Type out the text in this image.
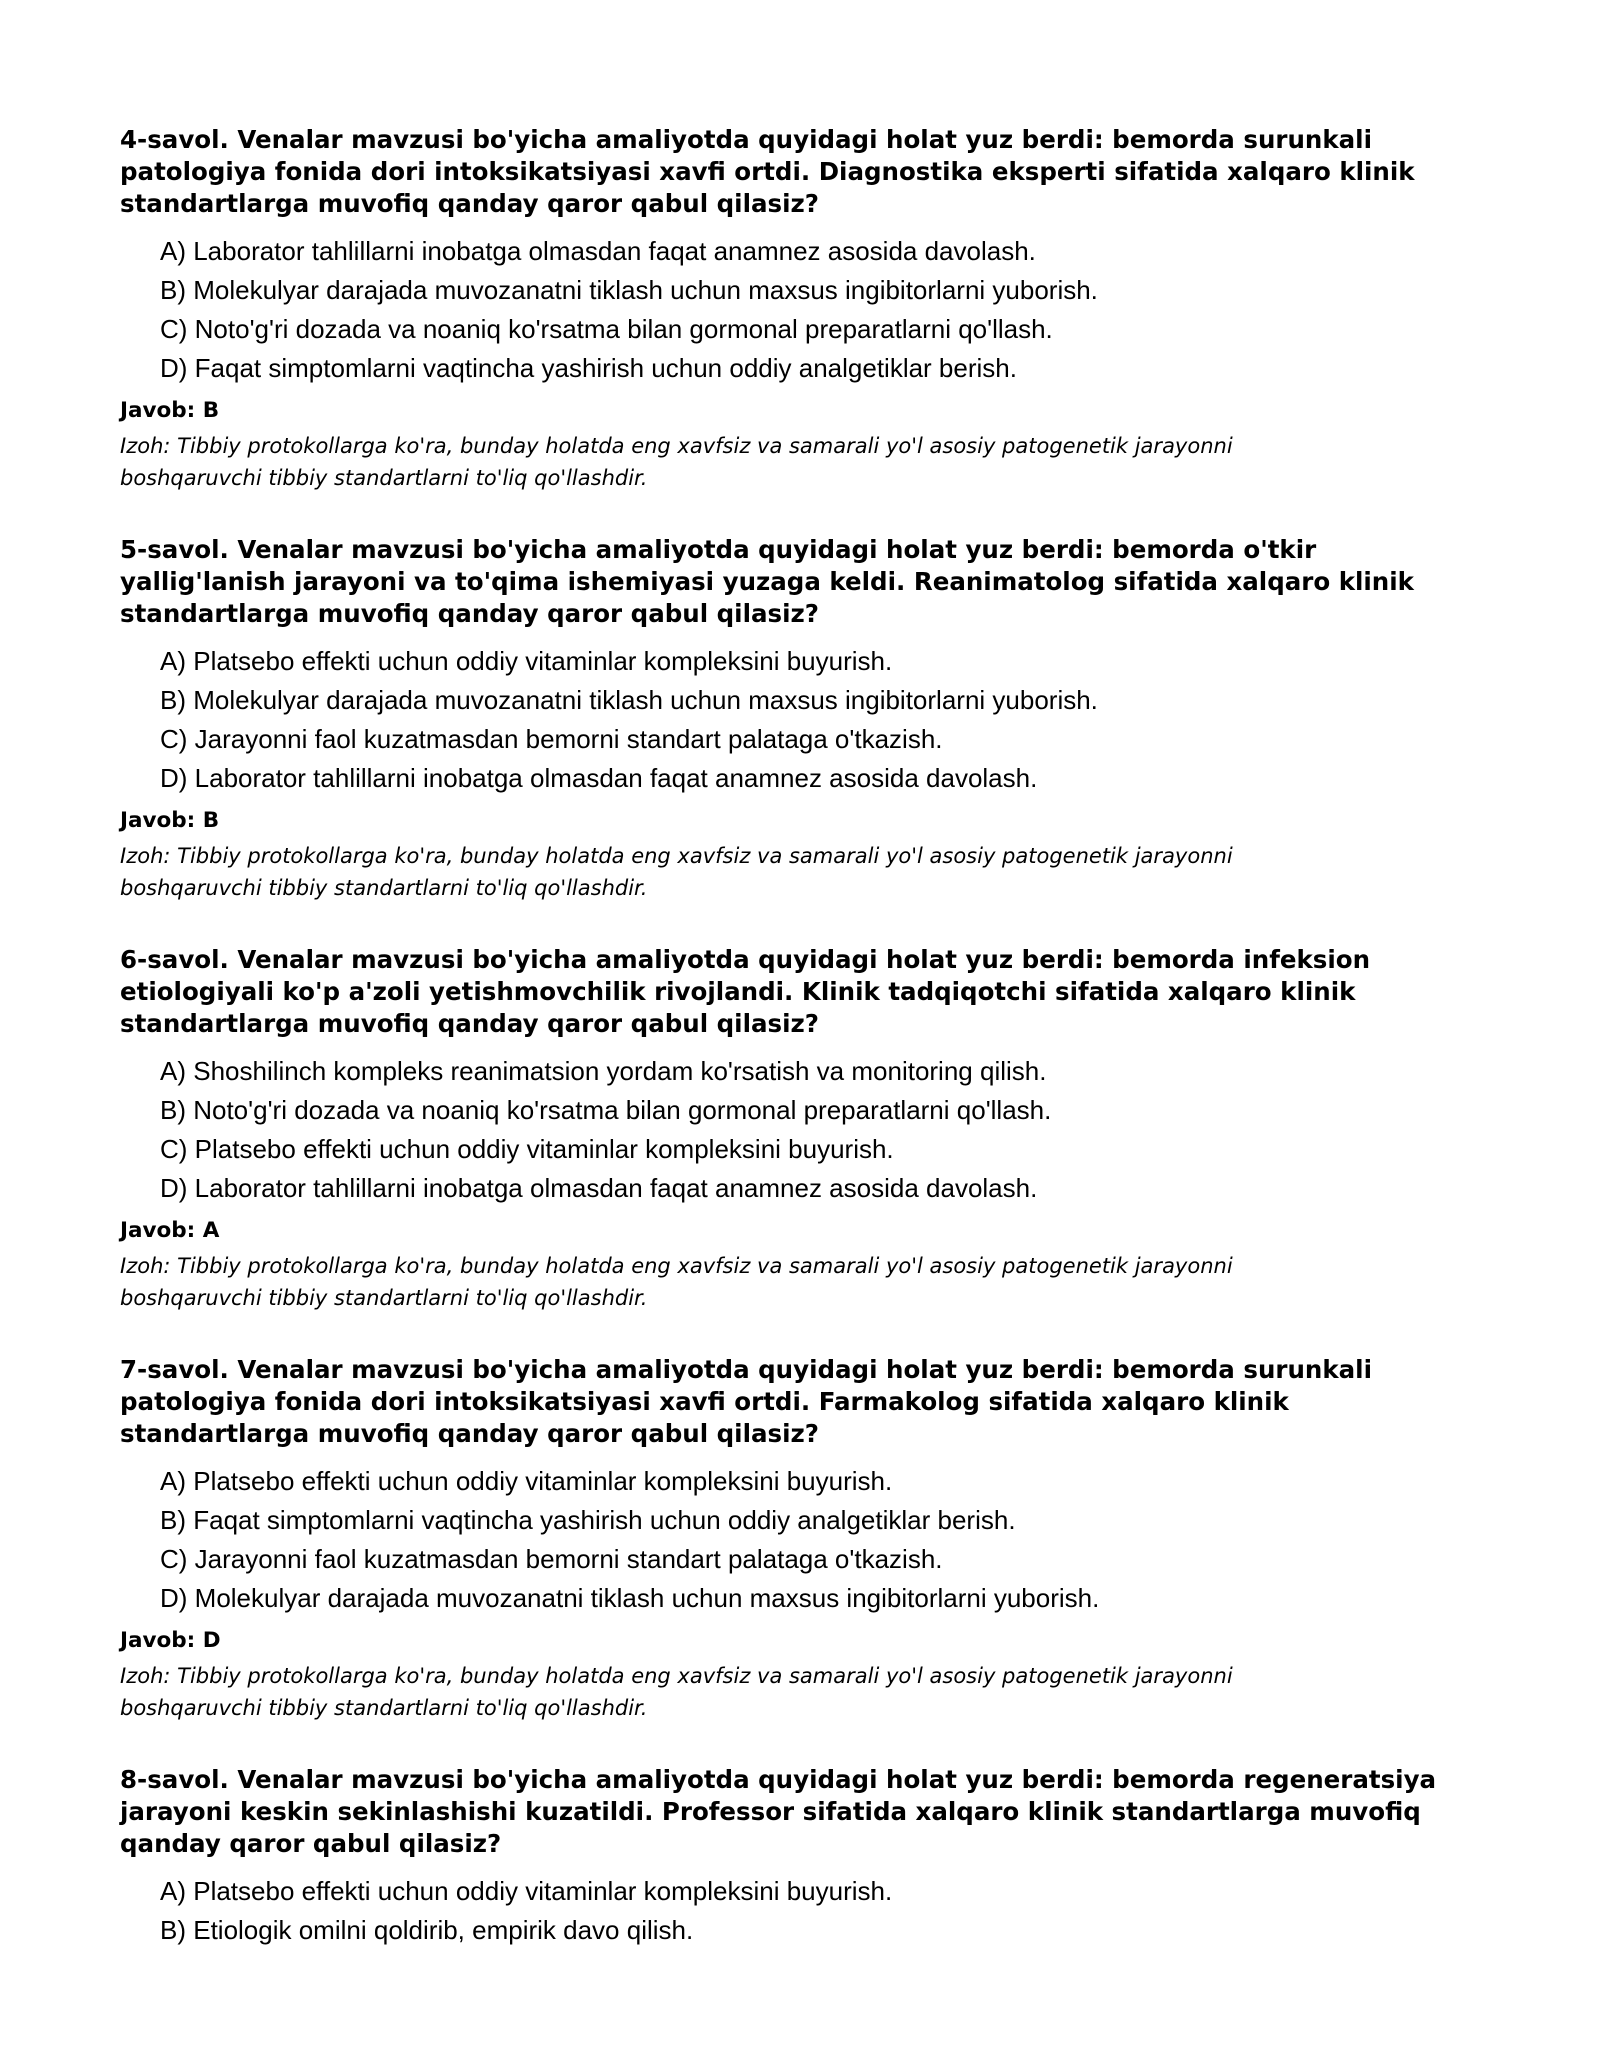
4-savol. Venalar mavzusi bo'yicha amaliyotda quyidagi holat yuz berdi: bemorda surunkali patologiya fonida dori intoksikatsiyasi xavfi ortdi. Diagnostika eksperti sifatida xalqaro klinik standartlarga muvofiq qanday qaror qabul qilasiz?
A) Laborator tahlillarni inobatga olmasdan faqat anamnez asosida davolash.
B) Molekulyar darajada muvozanatni tiklash uchun maxsus ingibitorlarni yuborish.
C) Noto'g'ri dozada va noaniq ko'rsatma bilan gormonal preparatlarni qo'llash.
D) Faqat simptomlarni vaqtincha yashirish uchun oddiy analgetiklar berish.
Javob: B
Izoh: Tibbiy protokollarga ko'ra, bunday holatda eng xavfsiz va samarali yo'l asosiy patogenetik jarayonni boshqaruvchi tibbiy standartlarni to'liq qo'llashdir.
5-savol. Venalar mavzusi bo'yicha amaliyotda quyidagi holat yuz berdi: bemorda o'tkir yallig'lanish jarayoni va to'qima ishemiyasi yuzaga keldi. Reanimatolog sifatida xalqaro klinik standartlarga muvofiq qanday qaror qabul qilasiz?
A) Platsebo effekti uchun oddiy vitaminlar kompleksini buyurish.
B) Molekulyar darajada muvozanatni tiklash uchun maxsus ingibitorlarni yuborish.
C) Jarayonni faol kuzatmasdan bemorni standart palataga o'tkazish.
D) Laborator tahlillarni inobatga olmasdan faqat anamnez asosida davolash.
Javob: B
Izoh: Tibbiy protokollarga ko'ra, bunday holatda eng xavfsiz va samarali yo'l asosiy patogenetik jarayonni boshqaruvchi tibbiy standartlarni to'liq qo'llashdir.
6-savol. Venalar mavzusi bo'yicha amaliyotda quyidagi holat yuz berdi: bemorda infeksion etiologiyali ko'p a'zoli yetishmovchilik rivojlandi. Klinik tadqiqotchi sifatida xalqaro klinik standartlarga muvofiq qanday qaror qabul qilasiz?
A) Shoshilinch kompleks reanimatsion yordam ko'rsatish va monitoring qilish.
B) Noto'g'ri dozada va noaniq ko'rsatma bilan gormonal preparatlarni qo'llash.
C) Platsebo effekti uchun oddiy vitaminlar kompleksini buyurish.
D) Laborator tahlillarni inobatga olmasdan faqat anamnez asosida davolash.
Javob: A
Izoh: Tibbiy protokollarga ko'ra, bunday holatda eng xavfsiz va samarali yo'l asosiy patogenetik jarayonni boshqaruvchi tibbiy standartlarni to'liq qo'llashdir.
7-savol. Venalar mavzusi bo'yicha amaliyotda quyidagi holat yuz berdi: bemorda surunkali patologiya fonida dori intoksikatsiyasi xavfi ortdi. Farmakolog sifatida xalqaro klinik standartlarga muvofiq qanday qaror qabul qilasiz?
A) Platsebo effekti uchun oddiy vitaminlar kompleksini buyurish.
B) Faqat simptomlarni vaqtincha yashirish uchun oddiy analgetiklar berish.
C) Jarayonni faol kuzatmasdan bemorni standart palataga o'tkazish.
D) Molekulyar darajada muvozanatni tiklash uchun maxsus ingibitorlarni yuborish.
Javob: D
Izoh: Tibbiy protokollarga ko'ra, bunday holatda eng xavfsiz va samarali yo'l asosiy patogenetik jarayonni boshqaruvchi tibbiy standartlarni to'liq qo'llashdir.
8-savol. Venalar mavzusi bo'yicha amaliyotda quyidagi holat yuz berdi: bemorda regeneratsiya jarayoni keskin sekinlashishi kuzatildi. Professor sifatida xalqaro klinik standartlarga muvofiq qanday qaror qabul qilasiz?
A) Platsebo effekti uchun oddiy vitaminlar kompleksini buyurish.
B) Etiologik omilni qoldirib, empirik davo qilish.
